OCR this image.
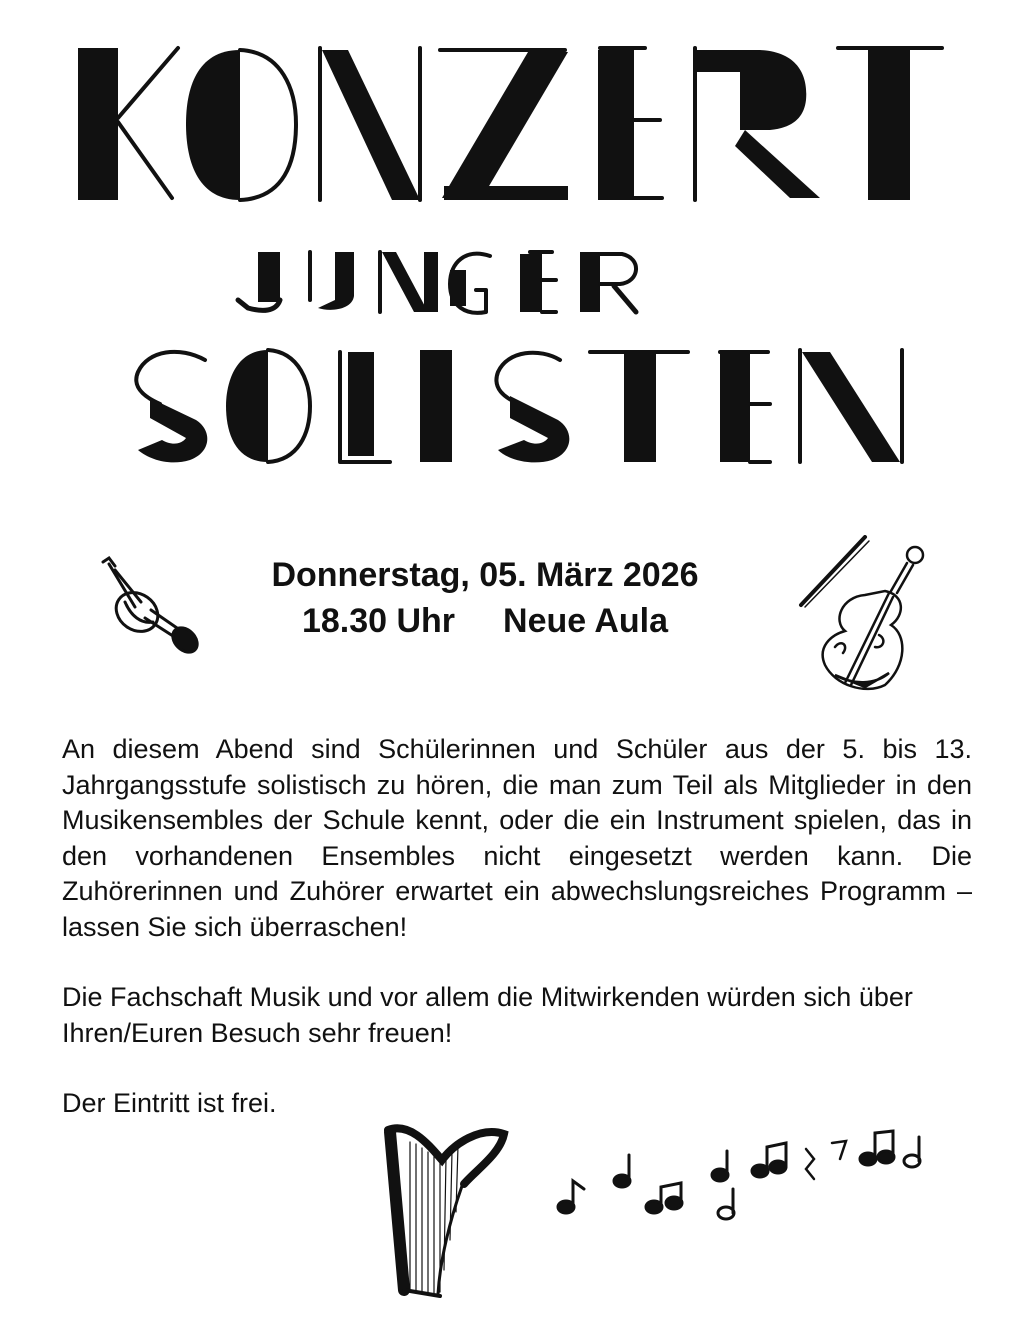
Donnerstag, 05. März 2026
18.30 Uhr Neue Aula

An diesem Abend sind Schülerinnen und Schüler aus der 5. bis 13. Jahrgangsstufe solistisch zu hören, die man zum Teil als Mitglieder in den Musikensembles der Schule kennt, oder die ein Instrument spielen, das in den vorhandenen Ensembles nicht eingesetzt werden kann. Die Zuhörerinnen und Zuhörer erwartet ein abwechslungsreiches Programm – lassen Sie sich überraschen!

Die Fachschaft Musik und vor allem die Mitwirkenden würden sich über Ihren/Euren Besuch sehr freuen!

Der Eintritt ist frei.
